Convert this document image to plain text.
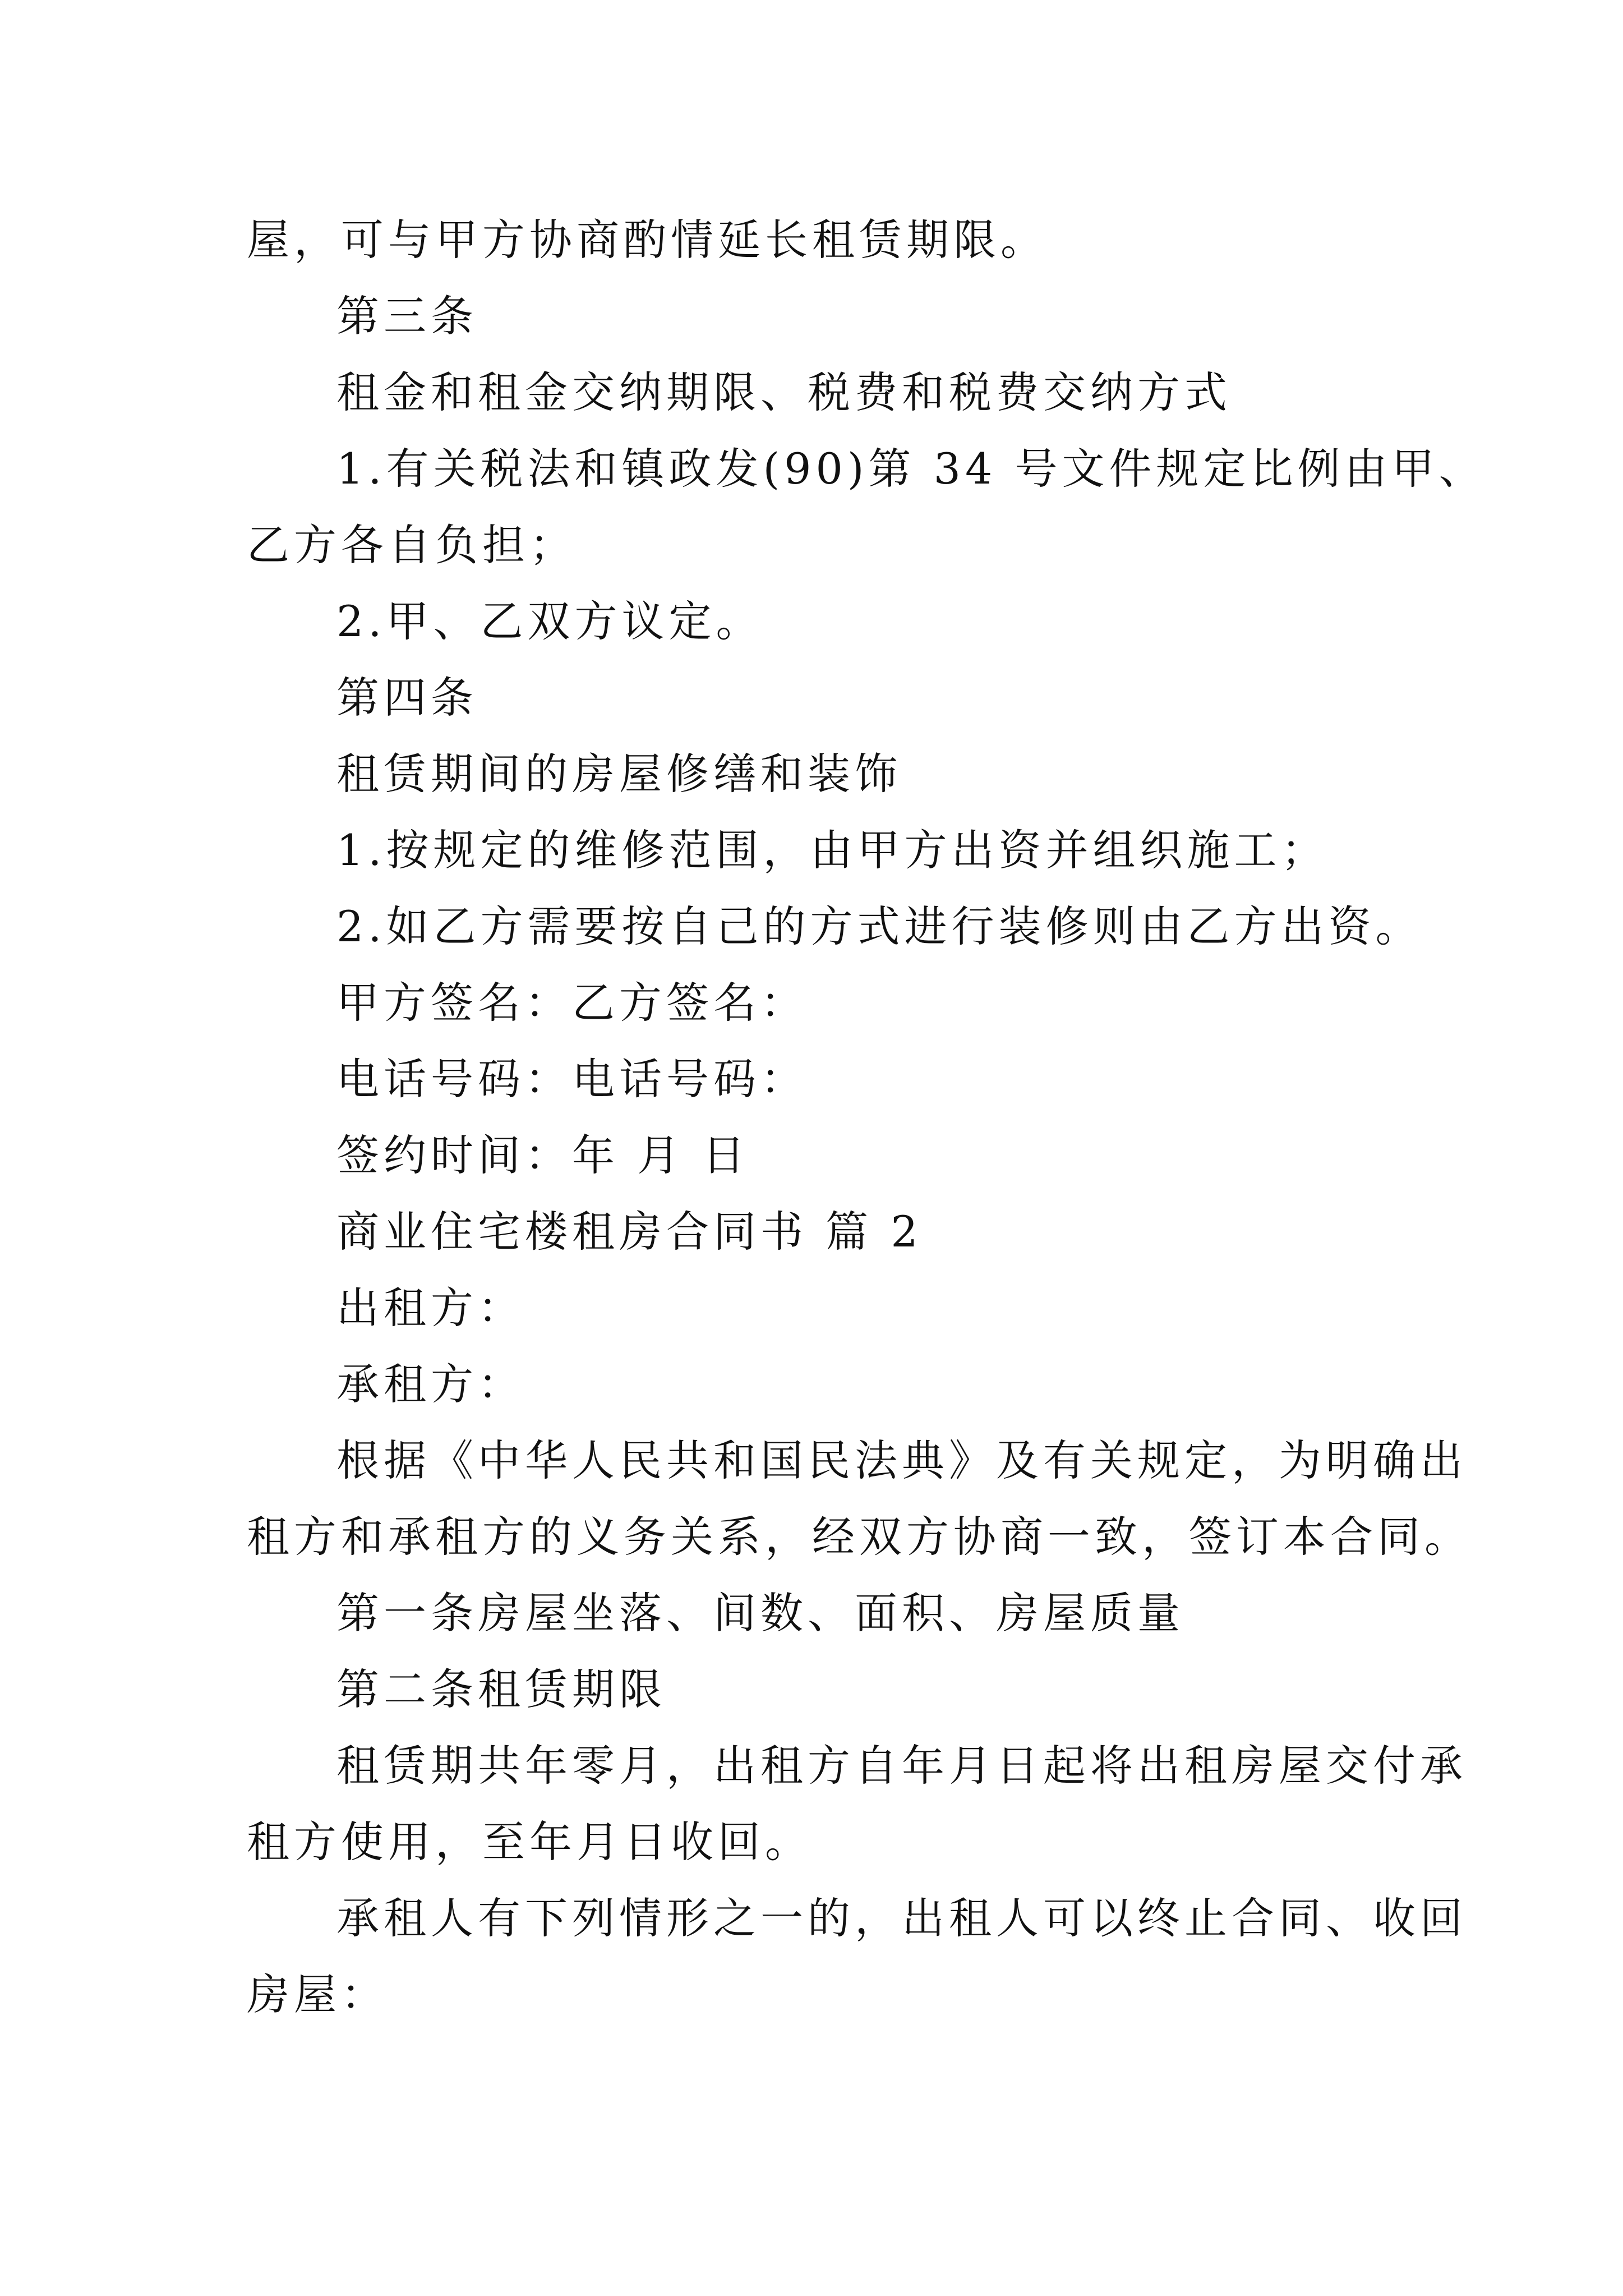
屋，可与甲方协商酌情延长租赁期限。
第三条
租金和租金交纳期限、税费和税费交纳方式
1.有关税法和镇政发(90)第 34 号文件规定比例由甲、
乙方各自负担；
2.甲、乙双方议定。
第四条
租赁期间的房屋修缮和装饰
1.按规定的维修范围，由甲方出资并组织施工；
2.如乙方需要按自己的方式进行装修则由乙方出资。
甲方签名：乙方签名：
电话号码：电话号码：
签约时间：年 月 日
商业住宅楼租房合同书 篇 2
出租方：
承租方：
根据《中华人民共和国民法典》及有关规定，为明确出
租方和承租方的义务关系，经双方协商一致，签订本合同。
第一条房屋坐落、间数、面积、房屋质量
第二条租赁期限
租赁期共年零月，出租方自年月日起将出租房屋交付承
租方使用，至年月日收回。
承租人有下列情形之一的，出租人可以终止合同、收回
房屋：
